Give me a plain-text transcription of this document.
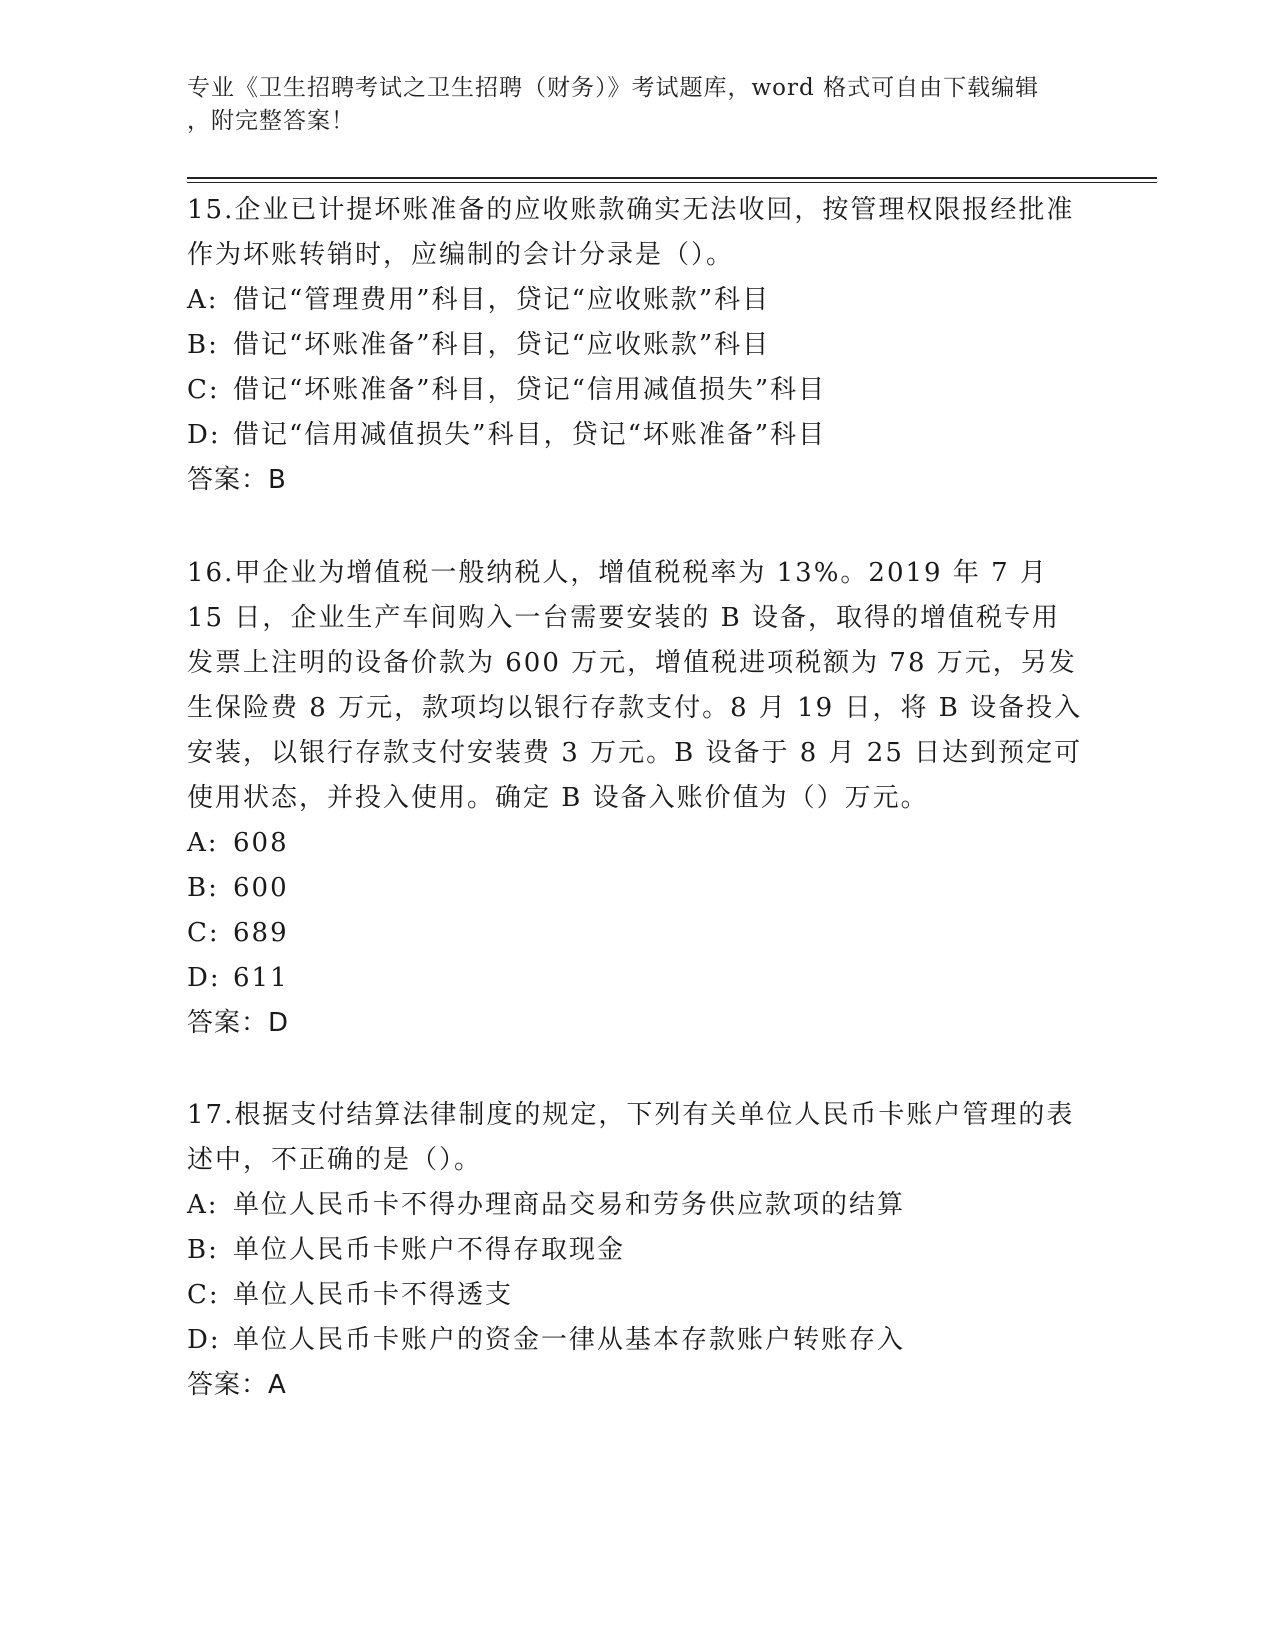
专业《卫生招聘考试之卫生招聘（财务）》考试题库，word 格式可自由下载编辑
，附完整答案！

15.企业已计提坏账准备的应收账款确实无法收回，按管理权限报经批准作为坏账转销时，应编制的会计分录是（）。

A: 借记“管理费用”科目，贷记“应收账款”科目

B: 借记“坏账准备”科目，贷记“应收账款”科目

C: 借记“坏账准备”科目，贷记“信用减值损失”科目

D: 借记“信用减值损失”科目，贷记“坏账准备”科目

答案：B

16.甲企业为增值税一般纳税人，增值税税率为 13%。2019 年 7 月 15 日，企业生产车间购入一台需要安装的 B 设备，取得的增值税专用发票上注明的设备价款为 600 万元，增值税进项税额为 78 万元，另发生保险费 8 万元，款项均以银行存款支付。8 月 19 日，将 B 设备投入安装，以银行存款支付安装费 3 万元。B 设备于 8 月 25 日达到预定可使用状态，并投入使用。确定 B 设备入账价值为（）万元。

A: 608

B: 600

C: 689

D: 611

答案：D

17.根据支付结算法律制度的规定，下列有关单位人民币卡账户管理的表述中，不正确的是（）。

A: 单位人民币卡不得办理商品交易和劳务供应款项的结算

B: 单位人民币卡账户不得存取现金

C: 单位人民币卡不得透支

D: 单位人民币卡账户的资金一律从基本存款账户转账存入

答案：A
